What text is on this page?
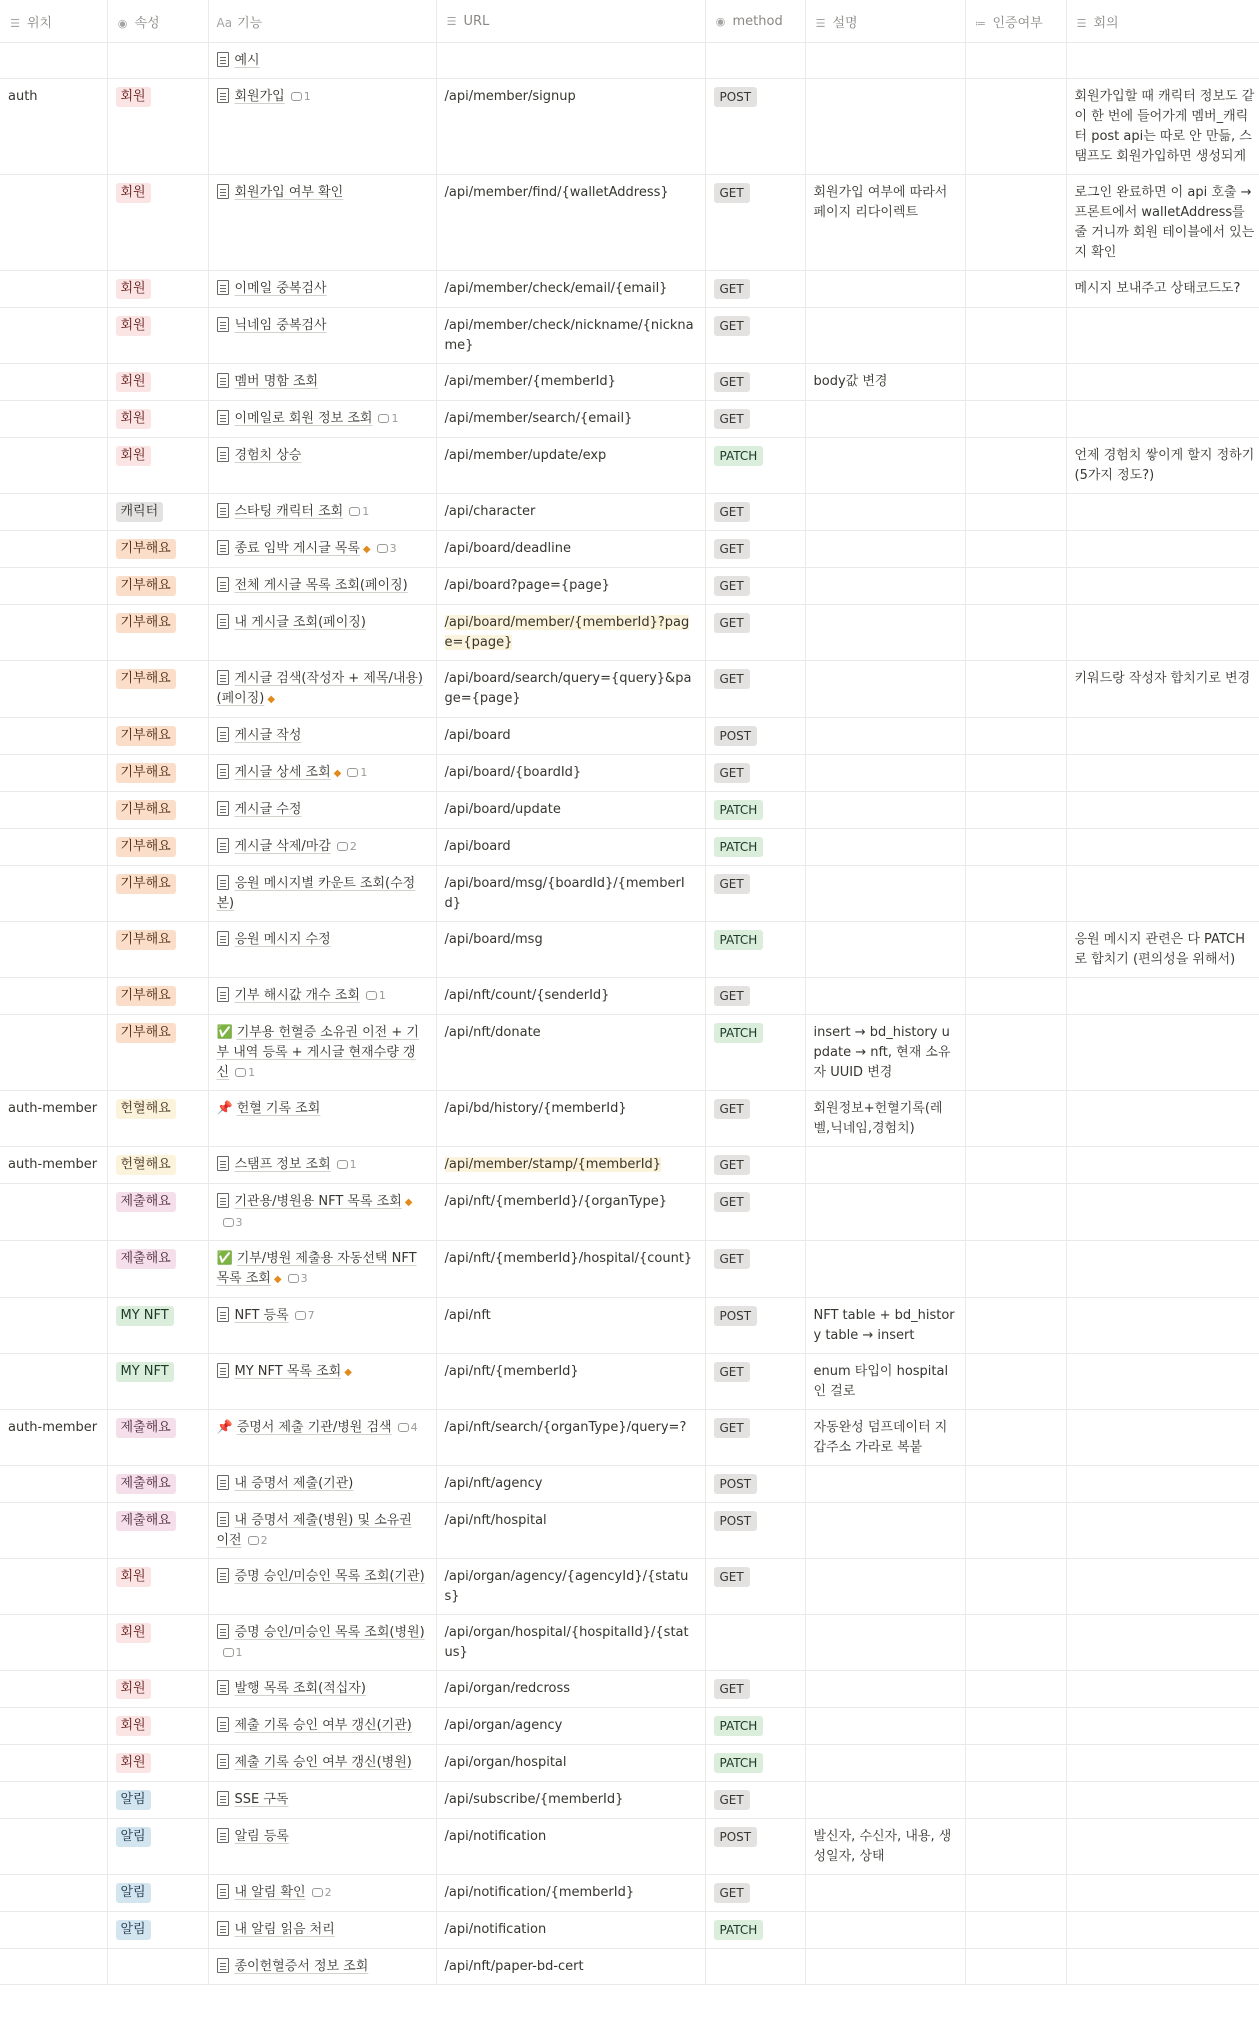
☰ 위치	◉ 속성	Aa 기능	☰ URL	◉ method	☰ 설명	≔ 인증여부	☰ 회의
		예시					
auth	회원	회원가입 1	/api/member/signup	POST			회원가입할 때 캐릭터 정보도 같이 한 번에 들어가게 멤버_캐릭터 post api는 따로 안 만듦, 스탬프도 회원가입하면 생성되게
	회원	회원가입 여부 확인	/api/member/find/{walletAddress}	GET	회원가입 여부에 따라서 페이지 리다이렉트		로그인 완료하면 이 api 호출 → 프론트에서 walletAddress를 줄 거니까 회원 테이블에서 있는지 확인
	회원	이메일 중복검사	/api/member/check/email/{email}	GET			메시지 보내주고 상태코드도?
	회원	닉네임 중복검사	/api/member/check/nickname/{nickname}	GET			
	회원	멤버 명함 조회	/api/member/{memberId}	GET	body값 변경		
	회원	이메일로 회원 정보 조회 1	/api/member/search/{email}	GET			
	회원	경험치 상승	/api/member/update/exp	PATCH			언제 경험치 쌓이게 할지 정하기 (5가지 정도?)
	캐릭터	스타팅 캐릭터 조회 1	/api/character	GET			
	기부해요	종료 임박 게시글 목록 ◆ 3	/api/board/deadline	GET			
	기부해요	전체 게시글 목록 조회(페이징)	/api/board?page={page}	GET			
	기부해요	내 게시글 조회(페이징)	/api/board/member/{memberId}?page={page}	GET			
	기부해요	게시글 검색(작성자 + 제목/내용) (페이징) ◆	/api/board/search/query={query}&page={page}	GET			키워드랑 작성자 합치기로 변경
	기부해요	게시글 작성	/api/board	POST			
	기부해요	게시글 상세 조회 ◆ 1	/api/board/{boardId}	GET			
	기부해요	게시글 수정	/api/board/update	PATCH			
	기부해요	게시글 삭제/마감 2	/api/board	PATCH			
	기부해요	응원 메시지별 카운트 조회(수정본)	/api/board/msg/{boardId}/{memberId}	GET			
	기부해요	응원 메시지 수정	/api/board/msg	PATCH			응원 메시지 관련은 다 PATCH로 합치기 (편의성을 위해서)
	기부해요	기부 해시값 개수 조회 1	/api/nft/count/{senderId}	GET			
	기부해요	✅ 기부용 헌혈증 소유권 이전 + 기부 내역 등록 + 게시글 현재수량 갱신 1	/api/nft/donate	PATCH	insert → bd_history update → nft, 현재 소유자 UUID 변경		
auth-member	헌혈해요	📌 헌혈 기록 조회	/api/bd/history/{memberId}	GET	회원정보+헌혈기록(레벨,닉네임,경험치)		
auth-member	헌혈해요	스탬프 정보 조회 1	/api/member/stamp/{memberId}	GET			
	제출해요	기관용/병원용 NFT 목록 조회 ◆3	/api/nft/{memberId}/{organType}	GET			
	제출해요	✅ 기부/병원 제출용 자동선택 NFT 목록 조회 ◆ 3	/api/nft/{memberId}/hospital/{count}	GET			
	MY NFT	NFT 등록 7	/api/nft	POST	NFT table + bd_history table → insert		
	MY NFT	MY NFT 목록 조회 ◆	/api/nft/{memberId}	GET	enum 타입이 hospital 인 걸로		
auth-member	제출해요	📌 증명서 제출 기관/병원 검색 4	/api/nft/search/{organType}/query=?	GET	자동완성 덤프데이터 지갑주소 가라로 복붙		
	제출해요	내 증명서 제출(기관)	/api/nft/agency	POST			
	제출해요	내 증명서 제출(병원) 및 소유권 이전 2	/api/nft/hospital	POST			
	회원	증명 승인/미승인 목록 조회(기관)	/api/organ/agency/{agencyId}/{status}	GET			
	회원	증명 승인/미승인 목록 조회(병원)1	/api/organ/hospital/{hospitalId}/{status}				
	회원	발행 목록 조회(적십자)	/api/organ/redcross	GET			
	회원	제출 기록 승인 여부 갱신(기관)	/api/organ/agency	PATCH			
	회원	제출 기록 승인 여부 갱신(병원)	/api/organ/hospital	PATCH			
	알림	SSE 구독	/api/subscribe/{memberId}	GET			
	알림	알림 등록	/api/notification	POST	발신자, 수신자, 내용, 생성일자, 상태		
	알림	내 알림 확인 2	/api/notification/{memberId}	GET			
	알림	내 알림 읽음 처리	/api/notification	PATCH			
		종이헌혈증서 정보 조회	/api/nft/paper-bd-cert				
